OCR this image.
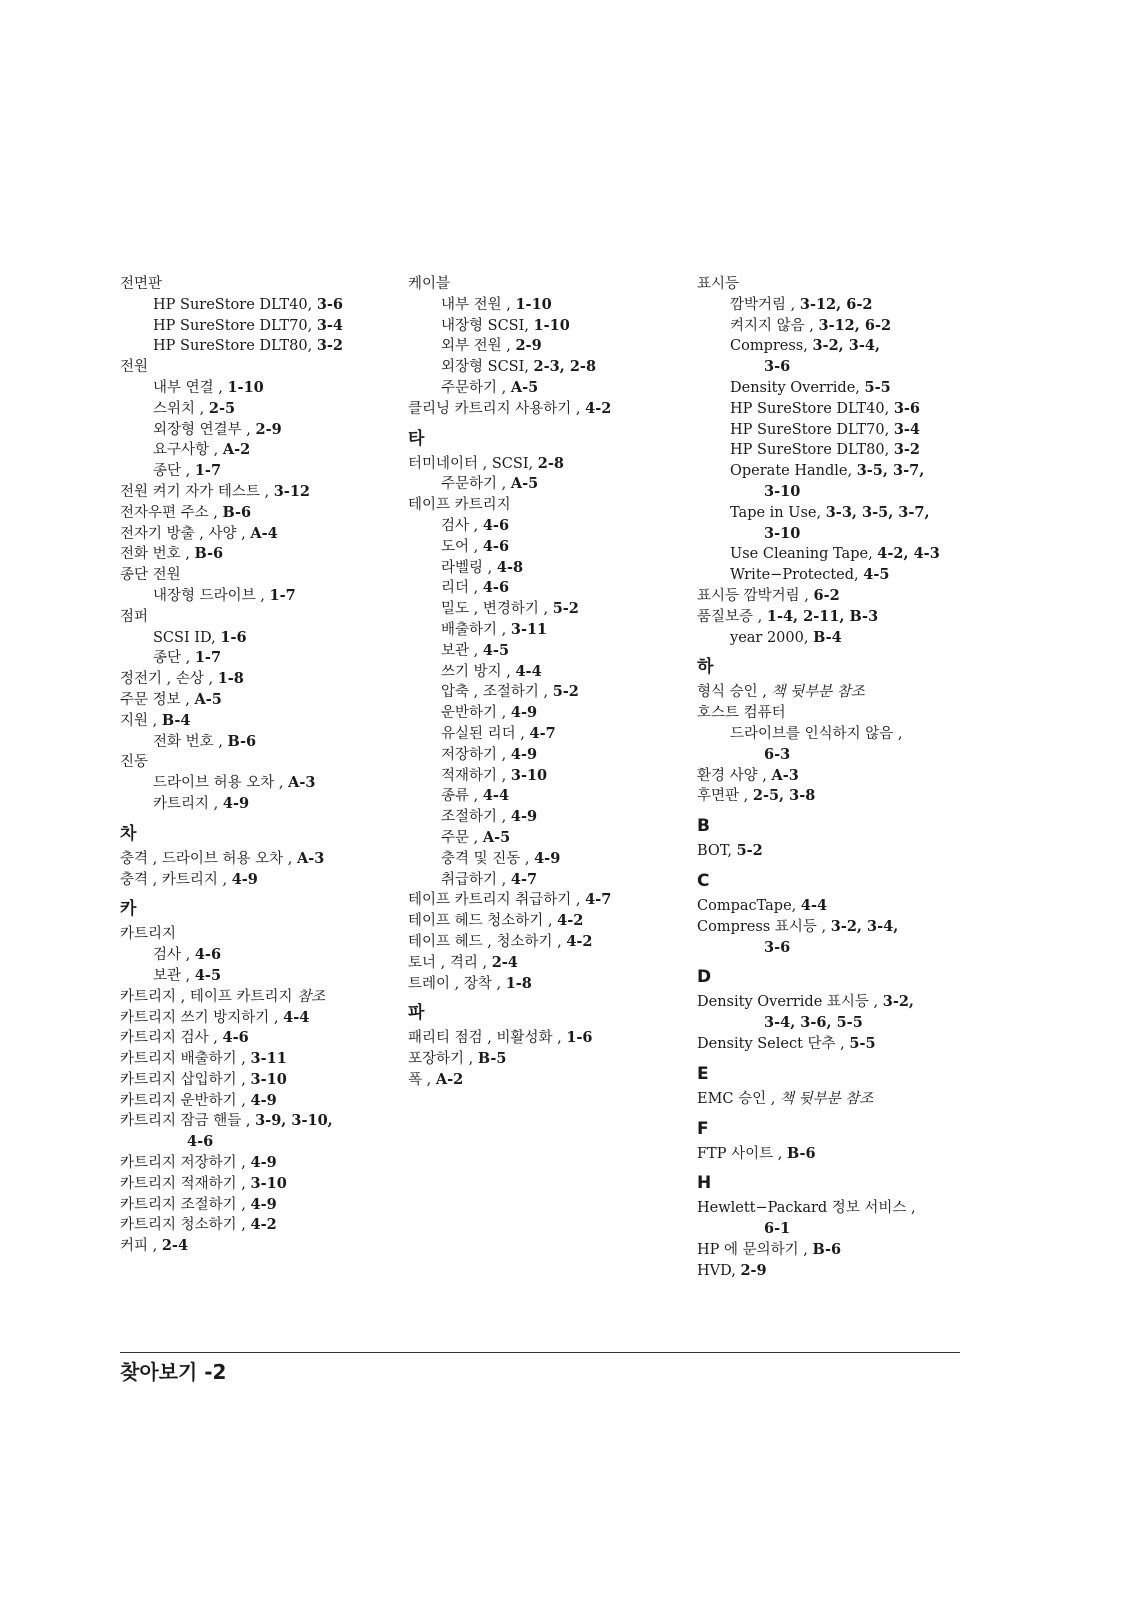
전면판
HP SureStore DLT40, 3-6
HP SureStore DLT70, 3-4
HP SureStore DLT80, 3-2
전원
내부 연결 , 1-10
스위치 , 2-5
외장형 연결부 , 2-9
요구사항 , A-2
종단 , 1-7
전원 켜기 자가 테스트 , 3-12
전자우편 주소 , B-6
전자기 방출 , 사양 , A-4
전화 번호 , B-6
종단 전원
내장형 드라이브 , 1-7
점퍼
SCSI ID, 1-6
종단 , 1-7
정전기 , 손상 , 1-8
주문 정보 , A-5
지원 , B-4
전화 번호 , B-6
진동
드라이브 허용 오차 , A-3
카트리지 , 4-9
차
충격 , 드라이브 허용 오차 , A-3
충격 , 카트리지 , 4-9
카
카트리지
검사 , 4-6
보관 , 4-5
카트리지 , 테이프 카트리지 참조
카트리지 쓰기 방지하기 , 4-4
카트리지 검사 , 4-6
카트리지 배출하기 , 3-11
카트리지 삽입하기 , 3-10
카트리지 운반하기 , 4-9
카트리지 잠금 핸들 , 3-9, 3-10,
4-6
카트리지 저장하기 , 4-9
카트리지 적재하기 , 3-10
카트리지 조절하기 , 4-9
카트리지 청소하기 , 4-2
커피 , 2-4
케이블
내부 전원 , 1-10
내장형 SCSI, 1-10
외부 전원 , 2-9
외장형 SCSI, 2-3, 2-8
주문하기 , A-5
클리닝 카트리지 사용하기 , 4-2
타
터미네이터 , SCSI, 2-8
주문하기 , A-5
테이프 카트리지
검사 , 4-6
도어 , 4-6
라벨링 , 4-8
리더 , 4-6
밀도 , 변경하기 , 5-2
배출하기 , 3-11
보관 , 4-5
쓰기 방지 , 4-4
압축 , 조절하기 , 5-2
운반하기 , 4-9
유실된 리더 , 4-7
저장하기 , 4-9
적재하기 , 3-10
종류 , 4-4
조절하기 , 4-9
주문 , A-5
충격 및 진동 , 4-9
취급하기 , 4-7
테이프 카트리지 취급하기 , 4-7
테이프 헤드 청소하기 , 4-2
테이프 헤드 , 청소하기 , 4-2
토너 , 격리 , 2-4
트레이 , 장착 , 1-8
파
패리티 점검 , 비활성화 , 1-6
포장하기 , B-5
폭 , A-2
표시등
깜박거림 , 3-12, 6-2
켜지지 않음 , 3-12, 6-2
Compress, 3-2, 3-4,
3-6
Density Override, 5-5
HP SureStore DLT40, 3-6
HP SureStore DLT70, 3-4
HP SureStore DLT80, 3-2
Operate Handle, 3-5, 3-7,
3-10
Tape in Use, 3-3, 3-5, 3-7,
3-10
Use Cleaning Tape, 4-2, 4-3
Write−Protected, 4-5
표시등 깜박거림 , 6-2
품질보증 , 1-4, 2-11, B-3
year 2000, B-4
하
형식 승인 , 책 뒷부분 참조
호스트 컴퓨터
드라이브를 인식하지 않음 ,
6-3
환경 사양 , A-3
후면판 , 2-5, 3-8
B
BOT, 5-2
C
CompacTape, 4-4
Compress 표시등 , 3-2, 3-4,
3-6
D
Density Override 표시등 , 3-2,
3-4, 3-6, 5-5
Density Select 단추 , 5-5
E
EMC 승인 , 책 뒷부분 참조
F
FTP 사이트 , B-6
H
Hewlett−Packard 정보 서비스 ,
6-1
HP 에 문의하기 , B-6
HVD, 2-9
찾아보기 -2
